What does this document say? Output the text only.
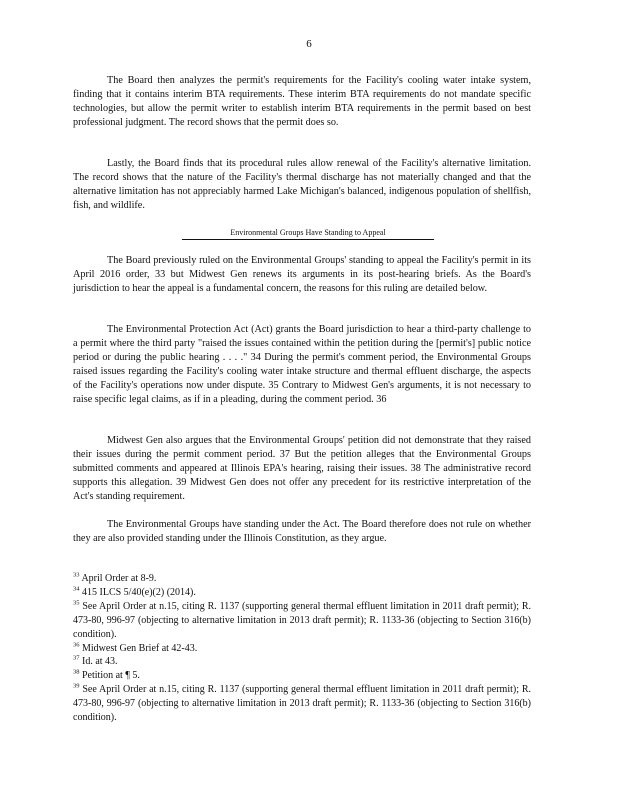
6

The Board then analyzes the permit's requirements for the Facility's cooling water intake system, finding that it contains interim BTA requirements. These interim BTA requirements do not mandate specific technologies, but allow the permit writer to establish interim BTA requirements in the permit based on best professional judgment. The record shows that the permit does so.

Lastly, the Board finds that its procedural rules allow renewal of the Facility's alternative limitation. The record shows that the nature of the Facility's thermal discharge has not materially changed and that the alternative limitation has not appreciably harmed Lake Michigan's balanced, indigenous population of shellfish, fish, and wildlife.

Environmental Groups Have Standing to Appeal

The Board previously ruled on the Environmental Groups' standing to appeal the Facility's permit in its April 2016 order, 33 but Midwest Gen renews its arguments in its post-hearing briefs. As the Board's jurisdiction to hear the appeal is a fundamental concern, the reasons for this ruling are detailed below.

The Environmental Protection Act (Act) grants the Board jurisdiction to hear a third-party challenge to a permit where the third party "raised the issues contained within the petition during the [permit's] public notice period or during the public hearing . . . ." 34 During the permit's comment period, the Environmental Groups raised issues regarding the Facility's cooling water intake structure and thermal effluent discharge, the aspects of the Facility's operations now under dispute. 35 Contrary to Midwest Gen's arguments, it is not necessary to raise specific legal claims, as if in a pleading, during the comment period. 36

Midwest Gen also argues that the Environmental Groups' petition did not demonstrate that they raised their issues during the permit comment period. 37 But the petition alleges that the Environmental Groups submitted comments and appeared at Illinois EPA's hearing, raising their issues. 38 The administrative record supports this allegation. 39 Midwest Gen does not offer any precedent for its restrictive interpretation of the Act's standing requirement.

The Environmental Groups have standing under the Act. The Board therefore does not rule on whether they are also provided standing under the Illinois Constitution, as they argue.

$^{33}$ April Order at 8-9.
$^{34}$ 415 ILCS 5/40(e)(2) (2014).
$^{35}$ See April Order at n.15, citing R. 1137 (supporting general thermal effluent limitation in 2011 draft permit); R. 473-80, 996-97 (objecting to alternative limitation in 2013 draft permit); R. 1133-36 (objecting to Section 316(b) condition).
$^{36}$ Midwest Gen Brief at 42-43.
$^{37}$ Id. at 43.
$^{38}$ Petition at ¶ 5.
$^{39}$ See April Order at n.15, citing R. 1137 (supporting general thermal effluent limitation in 2011 draft permit); R. 473-80, 996-97 (objecting to alternative limitation in 2013 draft permit); R. 1133-36 (objecting to Section 316(b) condition).
